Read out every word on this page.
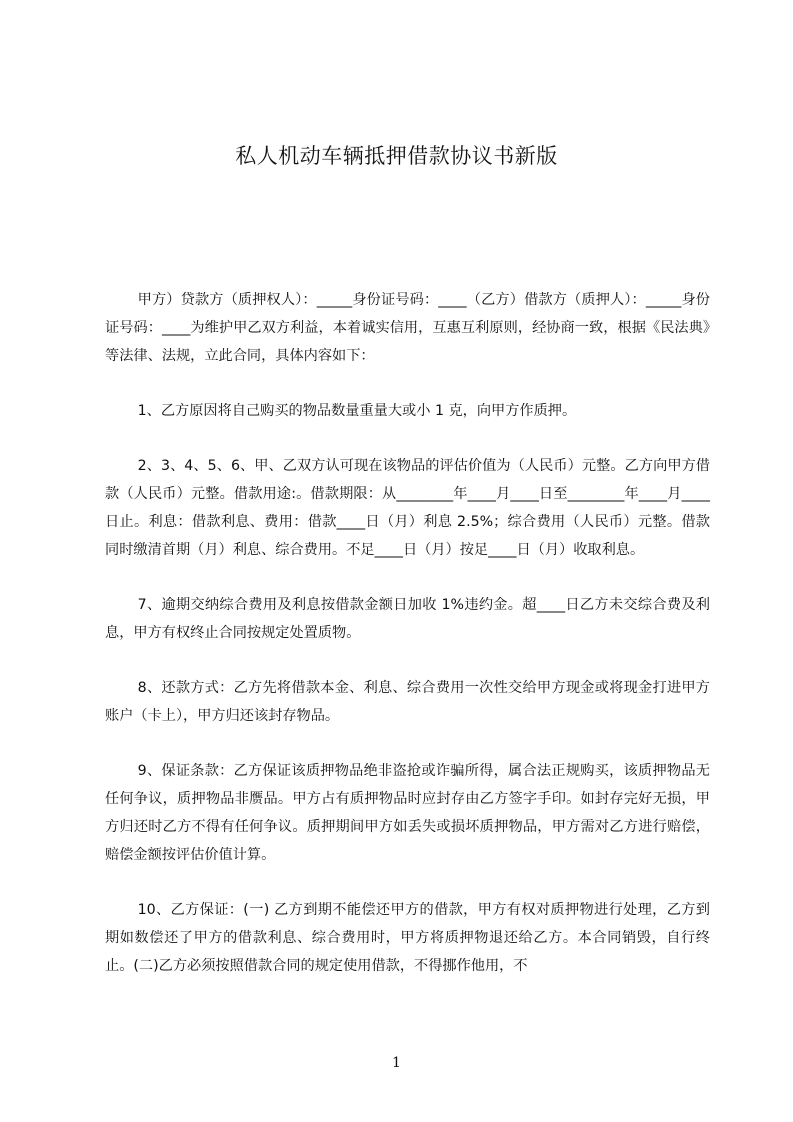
私人机动车辆抵押借款协议书新版

甲方）贷款方（质押权人）：_____身份证号码：____（乙方）借款方（质押人）：_____身份证号码：____为维护甲乙双方利益，本着诚实信用，互惠互利原则，经协商一致，根据《民法典》等法律、法规，立此合同，具体内容如下：

1、乙方原因将自己购买的物品数量重量大或小 1 克，向甲方作质押。

2、3、4、5、6、甲、乙双方认可现在该物品的评估价值为（人民币）元整。乙方向甲方借款（人民币）元整。借款用途:。借款期限：从________年____月____日至________年____月____日止。利息：借款利息、费用：借款____日（月）利息 2.5%；综合费用（人民币）元整。借款同时缴清首期（月）利息、综合费用。不足____日（月）按足____日（月）收取利息。

7、逾期交纳综合费用及利息按借款金额日加收 1%违约金。超____日乙方未交综合费及利息，甲方有权终止合同按规定处置质物。

8、还款方式：乙方先将借款本金、利息、综合费用一次性交给甲方现金或将现金打进甲方账户（卡上），甲方归还该封存物品。

9、保证条款：乙方保证该质押物品绝非盗抢或诈骗所得，属合法正规购买，该质押物品无任何争议，质押物品非赝品。甲方占有质押物品时应封存由乙方签字手印。如封存完好无损，甲方归还时乙方不得有任何争议。质押期间甲方如丢失或损坏质押物品，甲方需对乙方进行赔偿，赔偿金额按评估价值计算。

10、乙方保证：(一) 乙方到期不能偿还甲方的借款，甲方有权对质押物进行处理，乙方到期如数偿还了甲方的借款利息、综合费用时，甲方将质押物退还给乙方。本合同销毁，自行终止。(二)乙方必须按照借款合同的规定使用借款，不得挪作他用，不

1
